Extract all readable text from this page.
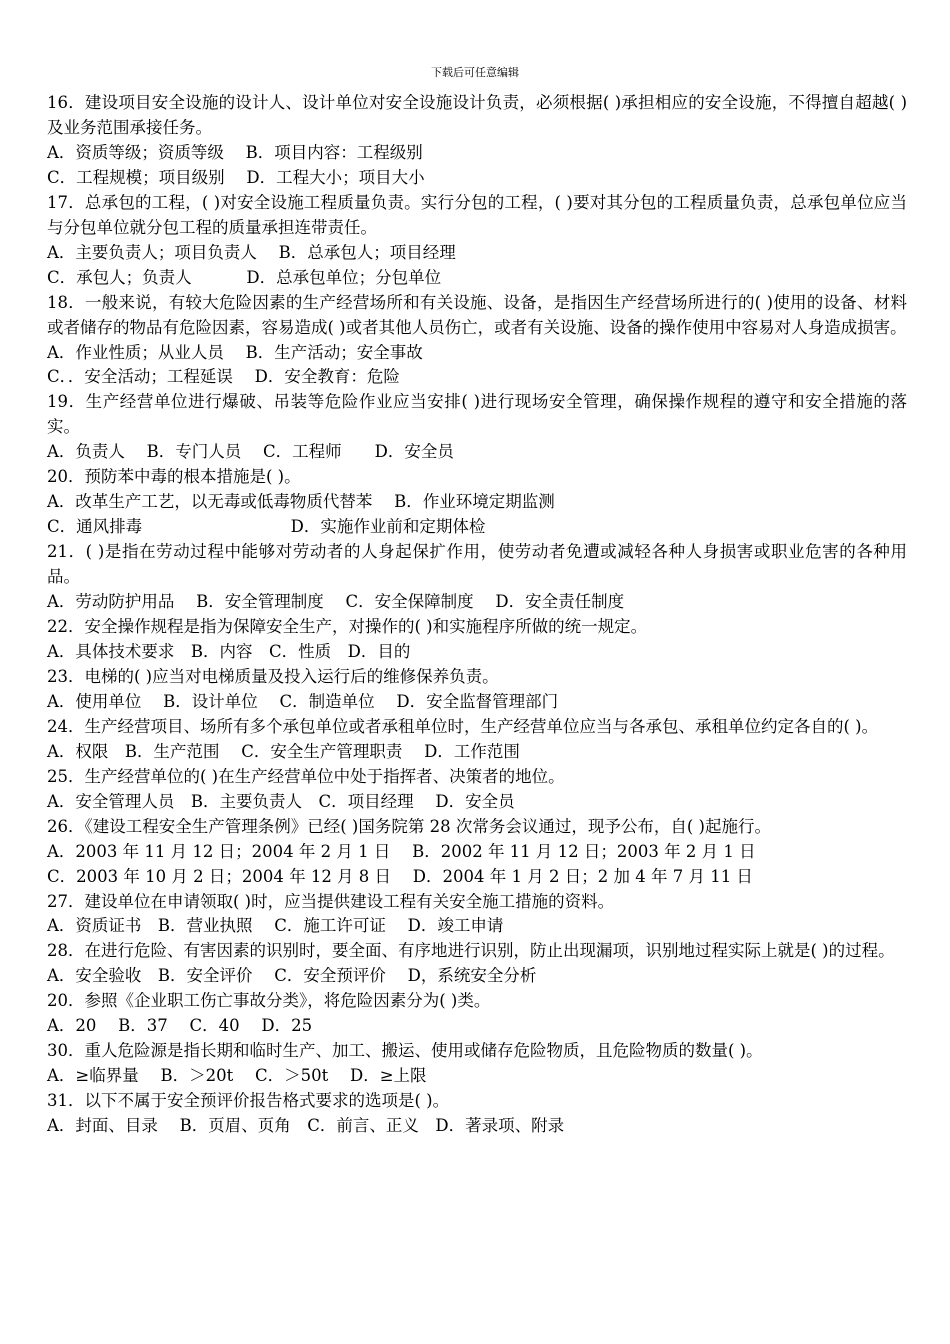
下载后可任意编辑

16．建设项目安全设施的设计人、设计单位对安全设施设计负责，必须根据( )承担相应的安全设施，不得擅自超越( )及业务范围承接任务。

A．资质等级；资质等级　 B．项目内容：工程级别

C．工程规模；项目级别　 D．工程大小；项目大小

17．总承包的工程，( )对安全设施工程质量负责。实行分包的工程，( )要对其分包的工程质量负责，总承包单位应当与分包单位就分包工程的质量承担连带责任。

A．主要负责人；项目负责人　 B．总承包人；项目经理

C．承包人；负责人　　　 D．总承包单位；分包单位

18．一般来说，有较大危险因素的生产经营场所和有关设施、设备，是指因生产经营场所进行的( )使用的设备、材料或者储存的物品有危险因素，容易造成( )或者其他人员伤亡，或者有关设施、设备的操作使用中容易对人身造成损害。

A．作业性质；从业人员　 B．生产活动；安全事故

C．．安全活动；工程延误　 D．安全教育：危险

19．生产经营单位进行爆破、吊装等危险作业应当安排( )进行现场安全管理，确保操作规程的遵守和安全措施的落实。

A．负责人　 B．专门人员　 C．工程师　　D．安全员

20．预防苯中毒的根本措施是( )。

A．改革生产工艺，以无毒或低毒物质代替苯　 B．作业环境定期监测

C．通风排毒　　　　　　　　　D．实施作业前和定期体检

21．( )是指在劳动过程中能够对劳动者的人身起保扩作用，使劳动者免遭或减轻各种人身损害或职业危害的各种用品。

A．劳动防护用品　 B．安全管理制度　 C．安全保障制度　 D．安全责任制度

22．安全操作规程是指为保障安全生产，对操作的( )和实施程序所做的统一规定。

A．具体技术要求　B．内容　C．性质　D．目的

23．电梯的( )应当对电梯质量及投入运行后的维修保养负责。

A．使用单位　 B．设计单位　 C．制造单位　 D．安全监督管理部门

24．生产经营项目、场所有多个承包单位或者承租单位时，生产经营单位应当与各承包、承租单位约定各自的( )。

A．权限　B．生产范围　 C．安全生产管理职责　 D．工作范围

25．生产经营单位的( )在生产经营单位中处于指挥者、决策者的地位。

A．安全管理人员　B．主要负责人　C．项目经理　 D．安全员

26．《建设工程安全生产管理条例》已经( )国务院第 28 次常务会议通过，现予公布，自( )起施行。

A．2003 年 11 月 12 日；2004 年 2 月 1 日　 B．2002 年 11 月 12 日；2003 年 2 月 1 日

C．2003 年 10 月 2 日；2004 年 12 月 8 日　 D．2004 年 1 月 2 日；2 加 4 年 7 月 11 日

27．建设单位在申请领取( )时，应当提供建设工程有关安全施工措施的资料。

A．资质证书　B．营业执照　 C．施工许可证　 D．竣工申请

28．在进行危险、有害因素的识别时，要全面、有序地进行识别，防止出现漏项，识别地过程实际上就是( )的过程。

A．安全验收　B．安全评价　 C．安全预评价　 D，系统安全分析

20．参照《企业职工伤亡事故分类》，将危险因素分为( )类。

A．20　 B．37　 C．40　 D．25

30．重人危险源是指长期和临时生产、加工、搬运、使用或储存危险物质，且危险物质的数量( )。

A．≥临界量　 B．＞20t　 C．＞50t　 D．≥上限

31．以下不属于安全预评价报告格式要求的选项是( )。

A．封面、目录　 B．页眉、页角　C．前言、正义　D．著录项、附录
